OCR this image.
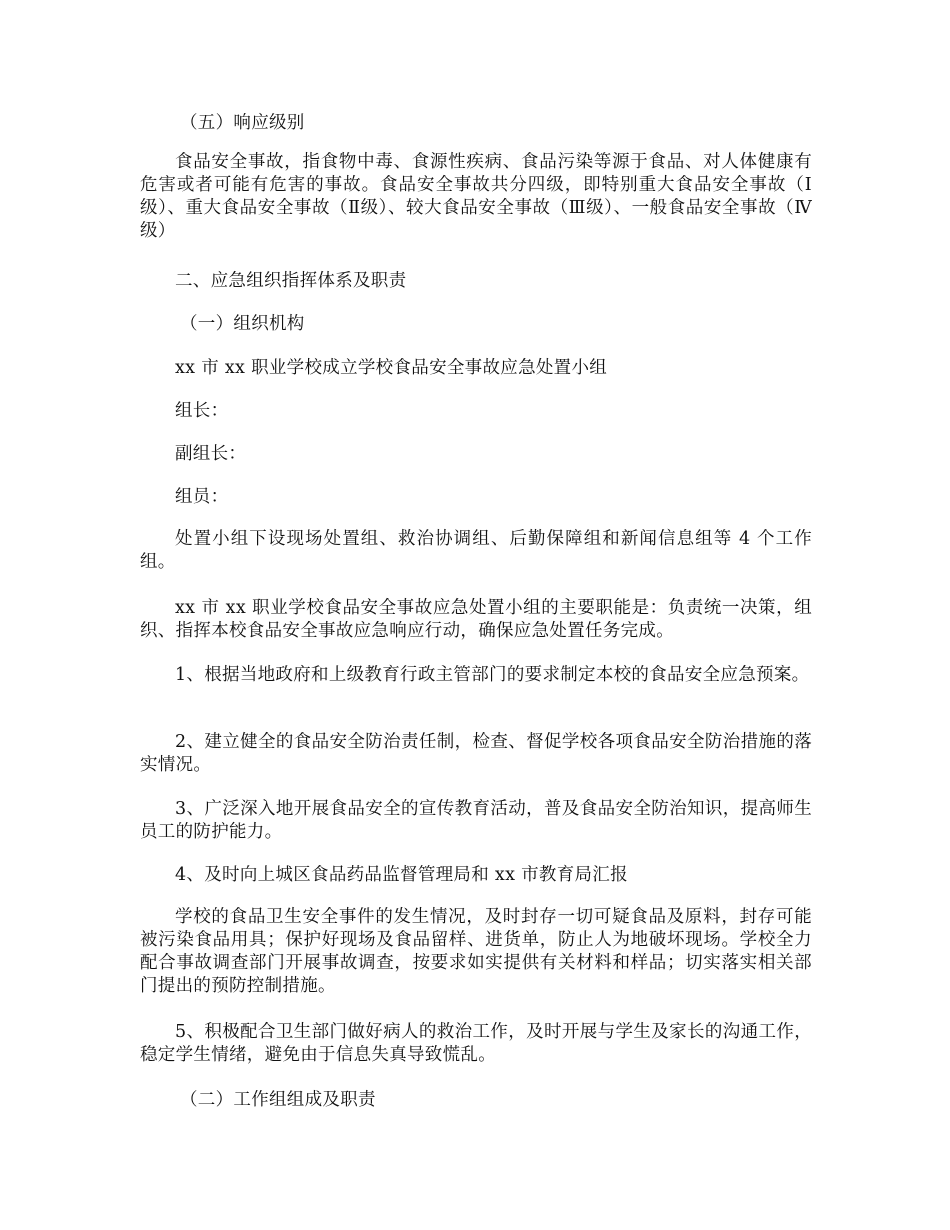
（五）响应级别

食品安全事故，指食物中毒、食源性疾病、食品污染等源于食品、对人体健康有危害或者可能有危害的事故。食品安全事故共分四级，即特别重大食品安全事故（Ⅰ级）、重大食品安全事故（Ⅱ级）、较大食品安全事故（Ⅲ级）、一般食品安全事故（Ⅳ级）

二、应急组织指挥体系及职责

（一）组织机构

xx 市 xx 职业学校成立学校食品安全事故应急处置小组

组长：

副组长：

组员：

处置小组下设现场处置组、救治协调组、后勤保障组和新闻信息组等 4 个工作组。

xx 市 xx 职业学校食品安全事故应急处置小组的主要职能是：负责统一决策，组织、指挥本校食品安全事故应急响应行动，确保应急处置任务完成。

1、根据当地政府和上级教育行政主管部门的要求制定本校的食品安全应急预案。

2、建立健全的食品安全防治责任制，检查、督促学校各项食品安全防治措施的落实情况。

3、广泛深入地开展食品安全的宣传教育活动，普及食品安全防治知识，提高师生员工的防护能力。

4、及时向上城区食品药品监督管理局和 xx 市教育局汇报

学校的食品卫生安全事件的发生情况，及时封存一切可疑食品及原料，封存可能被污染食品用具；保护好现场及食品留样、进货单，防止人为地破坏现场。学校全力配合事故调查部门开展事故调查，按要求如实提供有关材料和样品；切实落实相关部门提出的预防控制措施。

5、积极配合卫生部门做好病人的救治工作，及时开展与学生及家长的沟通工作，稳定学生情绪，避免由于信息失真导致慌乱。

（二）工作组组成及职责
